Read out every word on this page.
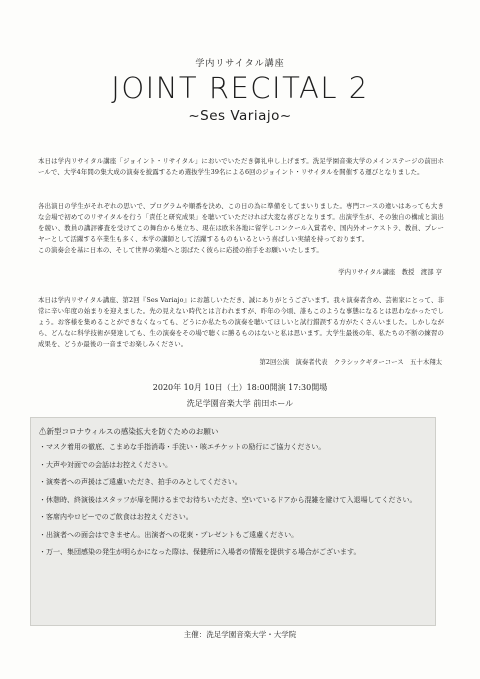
学内リサイタル講座
JOINT RECITAL 2
~Ses Variajo~

本日は学内リサイタル講座「ジョイント・リサイタル」においでいただき御礼申し上げます。洗足学園音楽大学のメインステージの前田ホールで、大学4年間の集大成の演奏を披露するため選抜学生39名による6回のジョイント・リサイタルを開催する運びとなりました。

各出演日の学生がそれぞれの思いで、プログラムや順番を決め、この日の為に準備をしてまいりました。専門コースの違いはあっても大きな会場で初めてのリサイタルを行う「責任と研究成果」を聴いていただければ大変な喜びとなります。出演学生が、その独自の構成と演出を競い、教員の講評審査を受けてこの舞台から巣立ち、現在は欧米各地に留学しコンクール入賞者や、国内外オーケストラ、教員、プレーヤーとして活躍する卒業生も多く、本学の講師として活躍するものもいるという喜ばしい実績を持っております。

この演奏会を基に日本の、そして世界の楽壇へと羽ばたく彼らに応援の拍手をお願いいたします。

学内リサイタル講座　教授　渡部 亨

本日は学内リサイタル講座、第2回『Ses Variajo』にお越しいただき、誠にありがとうございます。我々演奏者含め、芸術家にとって、非常に辛い年度の始まりを迎えました。先の見えない時代とは言われますが、昨年の今頃、誰もこのような事態になるとは思わなかったでしょう。お客様を集めることができなくなっても、どうにか私たちの演奏を聴いてほしいと試行錯誤する方がたくさんいました。しかしながら、どんなに科学技術が発達しても、生の演奏をその場で聴くに勝るものはないと私は思います。大学生最後の年、私たちの不断の練習の成果を、どうか最後の一音までお楽しみください。

第2回公演　演奏者代表　クラシックギターコース　五十木翔太
2020年 10月 10日（土）18:00開演 17:30開場
洗足学園音楽大学 前田ホール
⚠新型コロナウィルスの感染拡大を防ぐためのお願い
・マスク着用の徹底、こまめな手指消毒・手洗い・咳エチケットの励行にご協力ください。
・大声や対面での会話はお控えください。
・演奏者への声援はご遠慮いただき、拍手のみとしてください。
・休憩時、終演後はスタッフが扉を開けるまでお待ちいただき、空いているドアから混雑を避けて入退場してください。
・客席内やロビーでのご飲食はお控えください。
・出演者への面会はできません。出演者への花束・プレゼントもご遠慮ください。
・万一、集団感染の発生が明らかになった際は、保健所に入場者の情報を提供する場合がございます。
主催：洗足学園音楽大学・大学院
